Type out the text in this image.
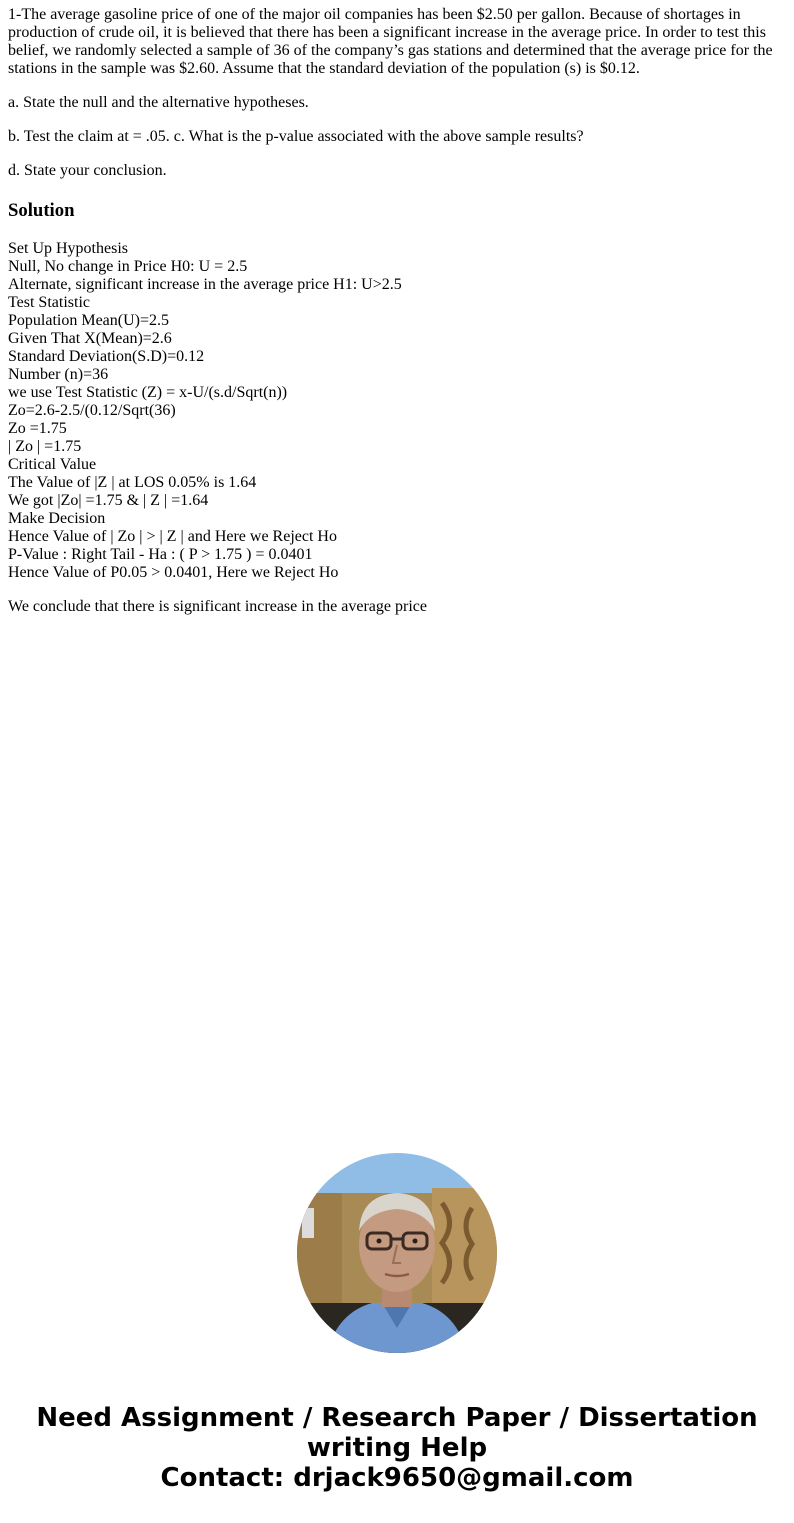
1-The average gasoline price of one of the major oil companies has been $2.50 per gallon. Because of shortages in production of crude oil, it is believed that there has been a significant increase in the average price. In order to test this belief, we randomly selected a sample of 36 of the company’s gas stations and determined that the average price for the stations in the sample was $2.60. Assume that the standard deviation of the population (s) is $0.12.

a. State the null and the alternative hypotheses.

b. Test the claim at = .05. c. What is the p-value associated with the above sample results?

d. State your conclusion.

Solution
Set Up Hypothesis
Null, No change in Price H0: U = 2.5
Alternate, significant increase in the average price H1: U>2.5
Test Statistic
Population Mean(U)=2.5
Given That X(Mean)=2.6
Standard Deviation(S.D)=0.12
Number (n)=36
we use Test Statistic (Z) = x-U/(s.d/Sqrt(n))
Zo=2.6-2.5/(0.12/Sqrt(36)
Zo =1.75
| Zo | =1.75
Critical Value
The Value of |Z | at LOS 0.05% is 1.64
We got |Zo| =1.75 & | Z | =1.64
Make Decision
Hence Value of | Zo | > | Z | and Here we Reject Ho
P-Value : Right Tail - Ha : ( P > 1.75 ) = 0.0401
Hence Value of P0.05 > 0.0401, Here we Reject Ho

We conclude that there is significant increase in the average price

Need Assignment / Research Paper / Dissertation
writing Help
Contact: drjack9650@gmail.com
